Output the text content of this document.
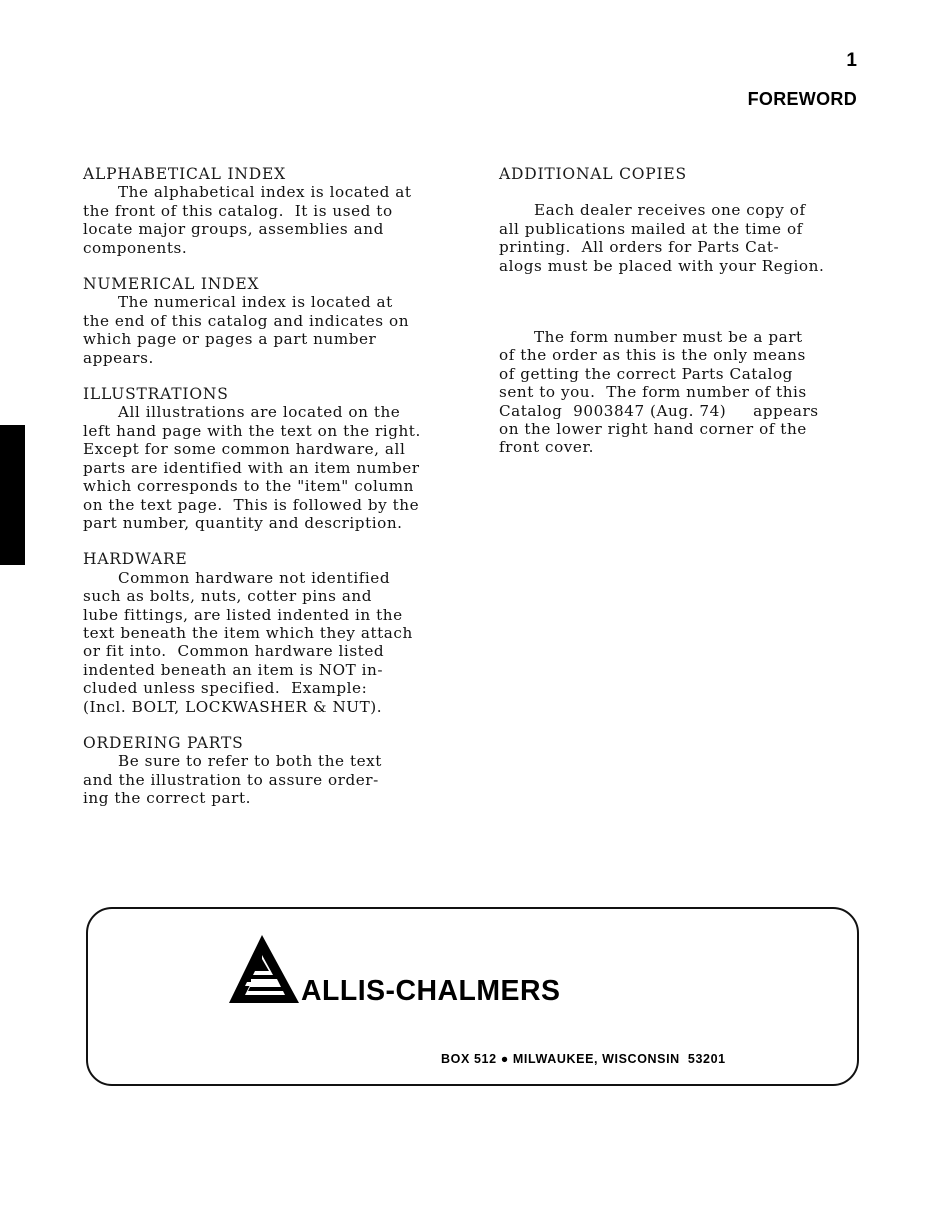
1
FOREWORD
ALPHABETICAL INDEX
The alphabetical index is located at
the front of this catalog.  It is used to
locate major groups, assemblies and
components.
NUMERICAL INDEX
The numerical index is located at
the end of this catalog and indicates on
which page or pages a part number
appears.
ILLUSTRATIONS
All illustrations are located on the
left hand page with the text on the right.
Except for some common hardware, all
parts are identified with an item number
which corresponds to the "item" column
on the text page.  This is followed by the
part number, quantity and description.
HARDWARE
Common hardware not identified
such as bolts, nuts, cotter pins and
lube fittings, are listed indented in the
text beneath the item which they attach
or fit into.  Common hardware listed
indented beneath an item is NOT in-
cluded unless specified.  Example:
(Incl. BOLT, LOCKWASHER & NUT).
ORDERING PARTS
Be sure to refer to both the text
and the illustration to assure order-
ing the correct part.
ADDITIONAL COPIES
Each dealer receives one copy of
all publications mailed at the time of
printing.  All orders for Parts Cat-
alogs must be placed with your Region.
The form number must be a part
of the order as this is the only means
of getting the correct Parts Catalog
sent to you.  The form number of this
Catalog  9003847 (Aug. 74)     appears
on the lower right hand corner of the
front cover.
ALLIS-CHALMERS
BOX 512 ● MILWAUKEE, WISCONSIN  53201
